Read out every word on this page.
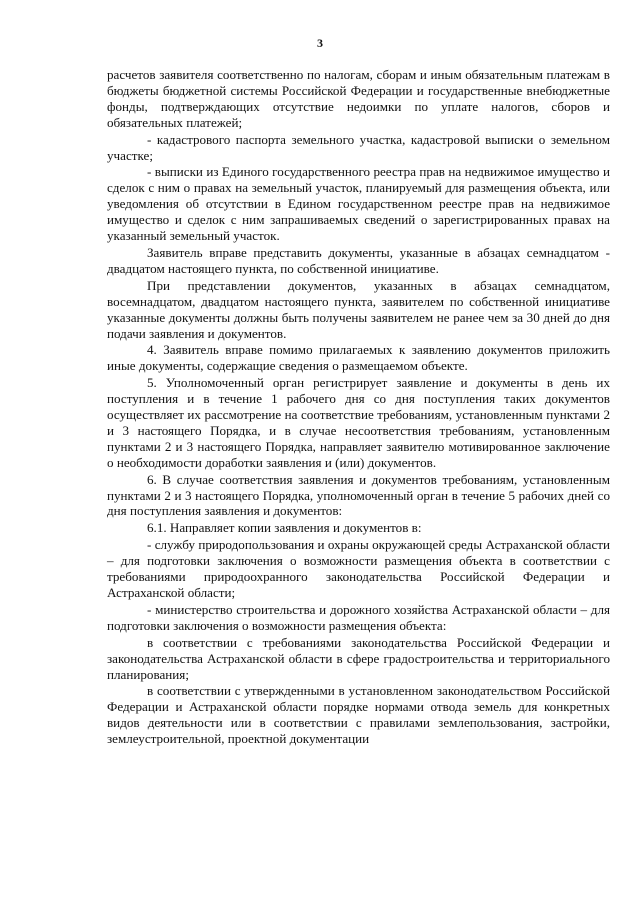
3

расчетов заявителя соответственно по налогам, сборам и иным обязательным платежам в бюджеты бюджетной системы Российской Федерации и государственные внебюджетные фонды, подтверждающих отсутствие недоимки по уплате налогов, сборов и обязательных платежей;

- кадастрового паспорта земельного участка, кадастровой выписки о земельном участке;

- выписки из Единого государственного реестра прав на недвижимое имущество и сделок с ним о правах на земельный участок, планируемый для размещения объекта, или уведомления об отсутствии в Едином государственном реестре прав на недвижимое имущество и сделок с ним запрашиваемых сведений о зарегистрированных правах на указанный земельный участок.

Заявитель вправе представить документы, указанные в абзацах семнадцатом - двадцатом настоящего пункта, по собственной инициативе.

При представлении документов, указанных в абзацах семнадцатом, восемнадцатом, двадцатом настоящего пункта, заявителем по собственной инициативе указанные документы должны быть получены заявителем не ранее чем за 30 дней до дня подачи заявления и документов.

4. Заявитель вправе помимо прилагаемых к заявлению документов приложить иные документы, содержащие сведения о размещаемом объекте.

5. Уполномоченный орган регистрирует заявление и документы в день их поступления и в течение 1 рабочего дня со дня поступления таких документов осуществляет их рассмотрение на соответствие требованиям, установленным пунктами 2 и 3 настоящего Порядка, и в случае несоответствия требованиям, установленным пунктами 2 и 3 настоящего Порядка, направляет заявителю мотивированное заключение о необходимости доработки заявления и (или) документов.

6. В случае соответствия заявления и документов требованиям, установленным пунктами 2 и 3 настоящего Порядка, уполномоченный орган в течение 5 рабочих дней со дня поступления заявления и документов:

6.1. Направляет копии заявления и документов в:

- службу природопользования и охраны окружающей среды Астраханской области – для подготовки заключения о возможности размещения объекта в соответствии с требованиями природоохранного законодательства Российской Федерации и Астраханской области;

- министерство строительства и дорожного хозяйства Астраханской области – для подготовки заключения о возможности размещения объекта:

в соответствии с требованиями законодательства Российской Федерации и законодательства Астраханской области в сфере градостроительства и территориального планирования;

в соответствии с утвержденными в установленном законодательством Российской Федерации и Астраханской области порядке нормами отвода земель для конкретных видов деятельности или в соответствии с правилами землепользования, застройки, землеустроительной, проектной документации
